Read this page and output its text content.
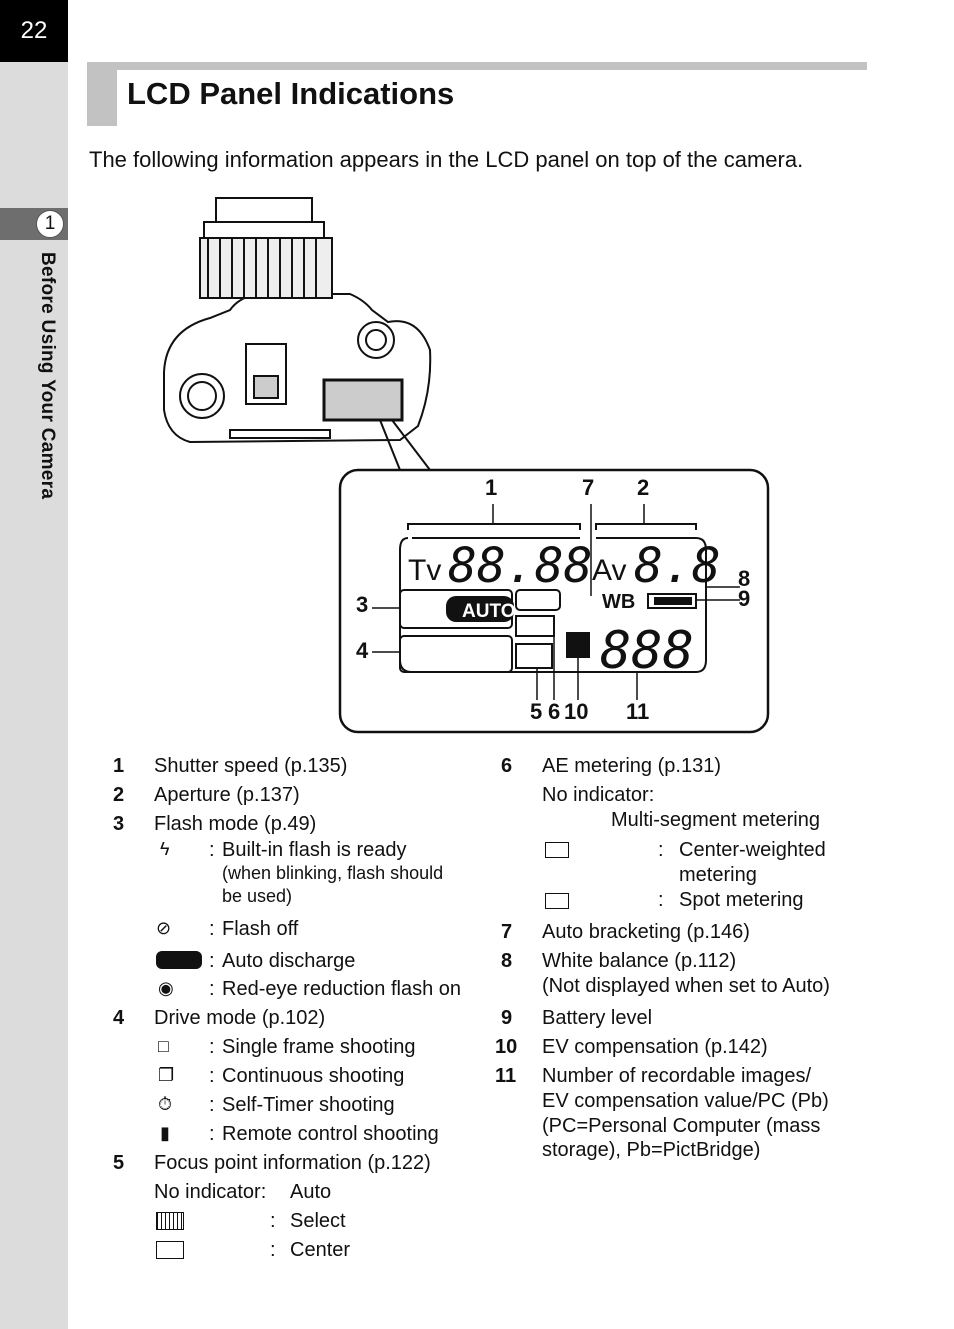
22
1
Before Using Your Camera
LCD Panel Indications
The following information appears in the LCD panel on top of the camera.
Tv 88.88 Av 8.8
AUTO	WB
888
1	7 2
8
9
3
4
5 6 10 11
1 Shutter speed (p.135)
2 Aperture (p.137)
3 Flash mode (p.49)
ϟ : Built-in flash is ready
(when blinking, flash should
be used)
⊘ : Flash off
: Auto discharge
◉ : Red-eye reduction flash on
4 Drive mode (p.102)
□ : Single frame shooting
❐ : Continuous shooting
⏱ : Self-Timer shooting
▮ : Remote control shooting
5 Focus point information (p.122)
No indicator: Auto
: Select
: Center
6 AE metering (p.131)
No indicator:
Multi-segment metering
: Center-weighted
metering
: Spot metering
7 Auto bracketing (p.146)
8 White balance (p.112)
(Not displayed when set to Auto)
9 Battery level
10 EV compensation (p.142)
11 Number of recordable images/
EV compensation value/PC (Pb)
(PC=Personal Computer (mass
storage), Pb=PictBridge)
